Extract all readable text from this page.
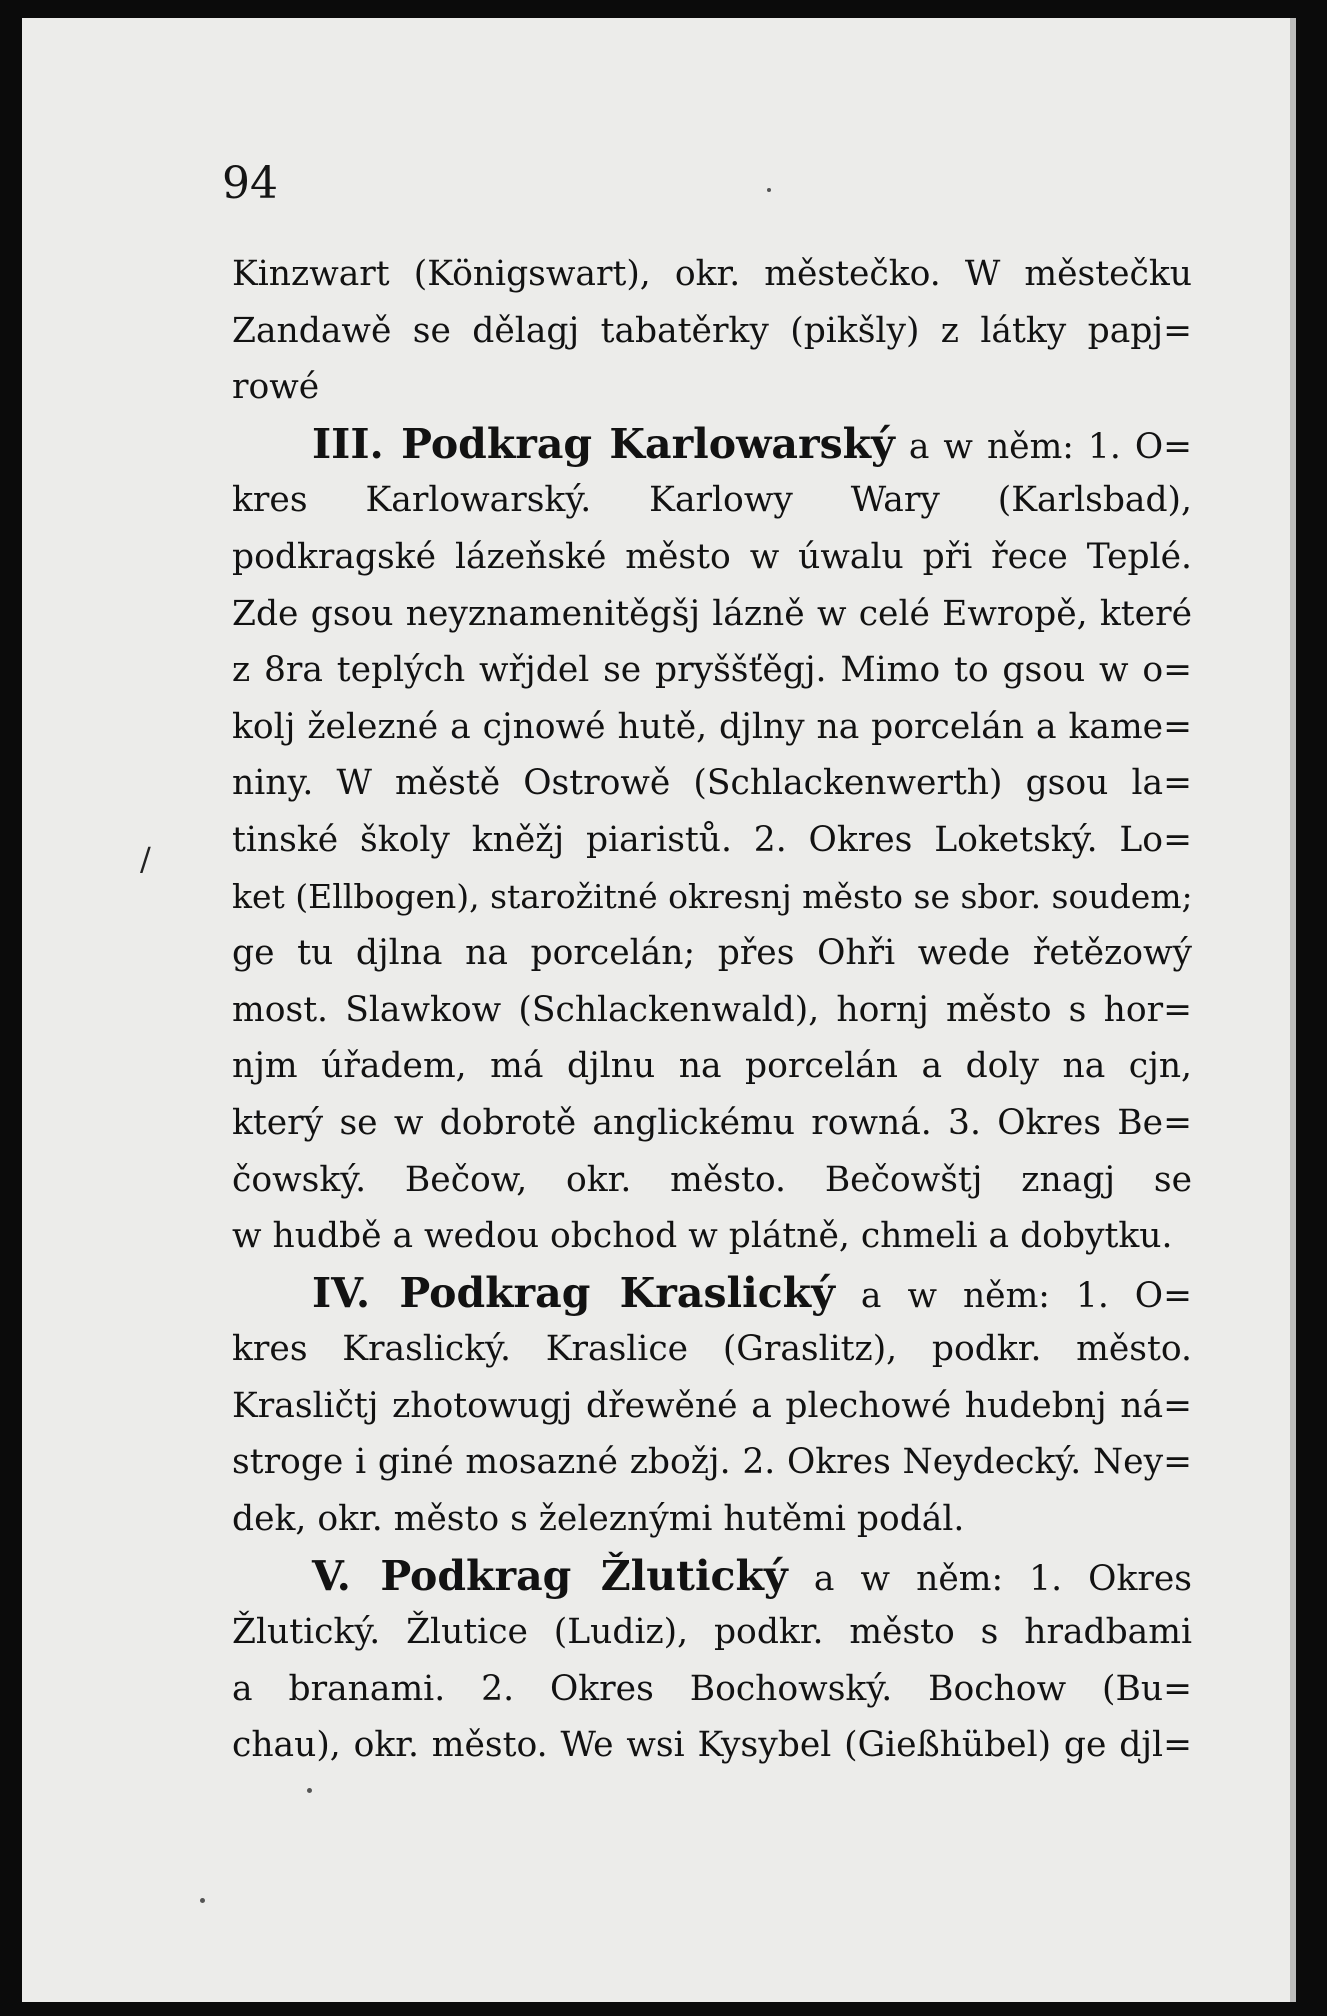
94
/
Kinzwart (Königswart), okr. městečko. W městečku
Zandawě se dělagj tabatěrky (pikšly) z látky papj=
rowé
III. Podkrag Karlowarský a w něm: 1. O=
kres Karlowarský. Karlowy Wary (Karlsbad),
podkragské lázeňské město w úwalu při řece Teplé.
Zde gsou neyznamenitěgšj lázně w celé Ewropě, které
z 8ra teplých wřjdel se pryššťěgj. Mimo to gsou w o=
kolj železné a cjnowé hutě, djlny na porcelán a kame=
niny. W městě Ostrowě (Schlackenwerth) gsou la=
tinské školy kněžj piaristů. 2. Okres Loketský. Lo=
ket (Ellbogen), starožitné okresnj město se sbor. soudem;
ge tu djlna na porcelán; přes Ohři wede řetězowý
most. Slawkow (Schlackenwald), hornj město s hor=
njm úřadem, má djlnu na porcelán a doly na cjn,
který se w dobrotě anglickému rowná. 3. Okres Be=
čowský. Bečow, okr. město. Bečowštj znagj se
w hudbě a wedou obchod w plátně, chmeli a dobytku.
IV. Podkrag Kraslický a w něm: 1. O=
kres Kraslický. Kraslice (Graslitz), podkr. město.
Krasličtj zhotowugj dřewěné a plechowé hudebnj ná=
stroge i giné mosazné zbožj. 2. Okres Neydecký. Ney=
dek, okr. město s železnými hutěmi podál.
V. Podkrag Žlutický a w něm: 1. Okres
Žlutický. Žlutice (Ludiz), podkr. město s hradbami
a branami. 2. Okres Bochowský. Bochow (Bu=
chau), okr. město. We wsi Kysybel (Gießhübel) ge djl=
